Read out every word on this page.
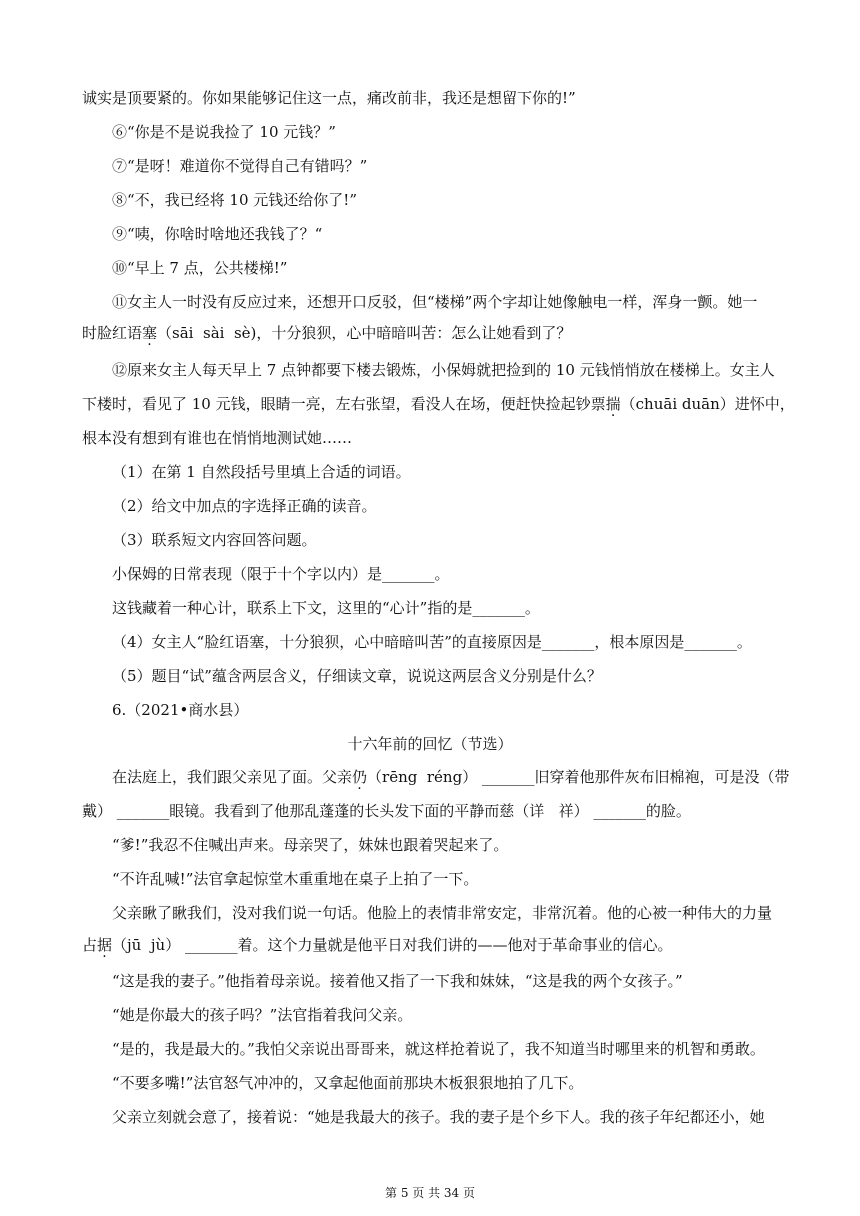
诚实是顶要紧的。你如果能够记住这一点，痛改前非，我还是想留下你的!”
⑥“你是不是说我捡了 10 元钱？”
⑦“是呀！难道你不觉得自己有错吗？”
⑧“不，我已经将 10 元钱还给你了!”
⑨“咦，你啥时啥地还我钱了？“
⑩“早上 7 点，公共楼梯!”
⑪女主人一时没有反应过来，还想开口反驳，但“楼梯”两个字却让她像触电一样，浑身一颤。她一
时脸红语塞（sāi  sài  sè)，十分狼狈，心中暗暗叫苦：怎么让她看到了？
⑫原来女主人每天早上 7 点钟都要下楼去锻炼，小保姆就把捡到的 10 元钱悄悄放在楼梯上。女主人
下楼时，看见了 10 元钱，眼睛一亮，左右张望，看没人在场，便赶快捡起钞票揣（chuāi duān）进怀中，
根本没有想到有谁也在悄悄地测试她……
（1）在第 1 自然段括号里填上合适的词语。
（2）给文中加点的字选择正确的读音。
（3）联系短文内容回答问题。
小保姆的日常表现（限于十个字以内）是_______。
这钱藏着一种心计，联系上下文，这里的“心计”指的是_______。
（4）女主人“脸红语塞，十分狼狈，心中暗暗叫苦”的直接原因是_______，根本原因是_______。
（5）题目“试”蕴含两层含义，仔细读文章，说说这两层含义分别是什么？
6.（2021•商水县）
十六年前的回忆（节选）
在法庭上，我们跟父亲见了面。父亲仍（rēng  réng） _______旧穿着他那件灰布旧棉袍，可是没（带
戴） _______眼镜。我看到了他那乱蓬蓬的长头发下面的平静而慈（详   祥） _______的脸。
“爹!”我忍不住喊出声来。母亲哭了，妹妹也跟着哭起来了。
“不许乱喊!”法官拿起惊堂木重重地在桌子上拍了一下。
父亲瞅了瞅我们，没对我们说一句话。他脸上的表情非常安定，非常沉着。他的心被一种伟大的力量
占据（jū  jù） _______着。这个力量就是他平日对我们讲的——他对于革命事业的信心。
“这是我的妻子。”他指着母亲说。接着他又指了一下我和妹妹，“这是我的两个女孩子。”
“她是你最大的孩子吗？”法官指着我问父亲。
“是的，我是最大的。”我怕父亲说出哥哥来，就这样抢着说了，我不知道当时哪里来的机智和勇敢。
“不要多嘴!”法官怒气冲冲的，又拿起他面前那块木板狠狠地拍了几下。
父亲立刻就会意了，接着说：“她是我最大的孩子。我的妻子是个乡下人。我的孩子年纪都还小，她
第 5 页 共 34 页
